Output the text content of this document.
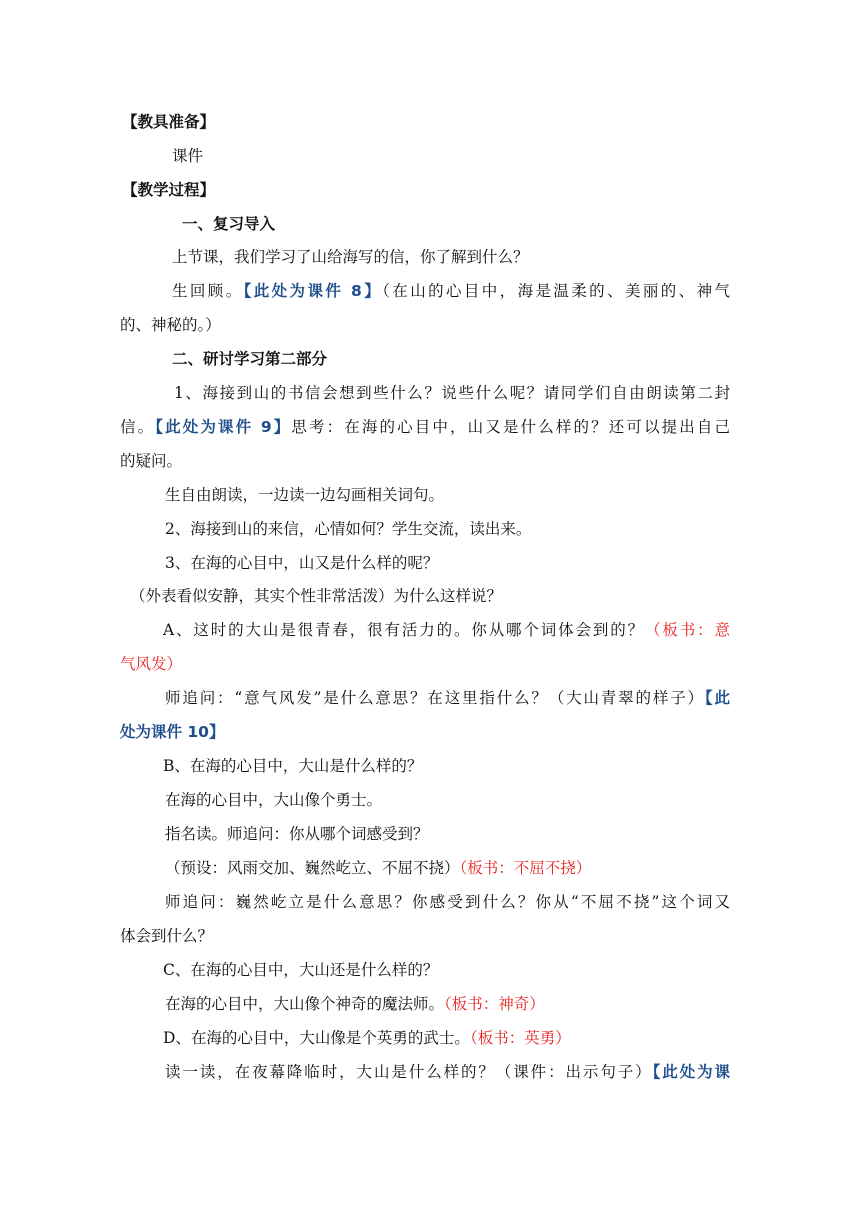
【教具准备】
课件
【教学过程】
一、复习导入
上节课，我们学习了山给海写的信，你了解到什么？
生回顾。【此处为课件 8】（在山的心目中，海是温柔的、美丽的、神气
的、神秘的。）
二、研讨学习第二部分
1、海接到山的书信会想到些什么？说些什么呢？请同学们自由朗读第二封
信。【此处为课件 9】思考：在海的心目中，山又是什么样的？还可以提出自己
的疑问。
生自由朗读，一边读一边勾画相关词句。
2、海接到山的来信，心情如何？学生交流，读出来。
3、在海的心目中，山又是什么样的呢？
（外表看似安静，其实个性非常活泼）为什么这样说？
A、这时的大山是很青春，很有活力的。你从哪个词体会到的？（板书：意
气风发）
师追问：“意气风发”是什么意思？在这里指什么？（大山青翠的样子）【此
处为课件 10】
B、在海的心目中，大山是什么样的？
在海的心目中，大山像个勇士。
指名读。师追问：你从哪个词感受到？
（预设：风雨交加、巍然屹立、不屈不挠）（板书：不屈不挠）
师追问：巍然屹立是什么意思？你感受到什么？你从“不屈不挠”这个词又
体会到什么？
C、在海的心目中，大山还是什么样的？
在海的心目中，大山像个神奇的魔法师。（板书：神奇）
D、在海的心目中，大山像是个英勇的武士。（板书：英勇）
读一读，在夜幕降临时，大山是什么样的？（课件：出示句子）【此处为课
